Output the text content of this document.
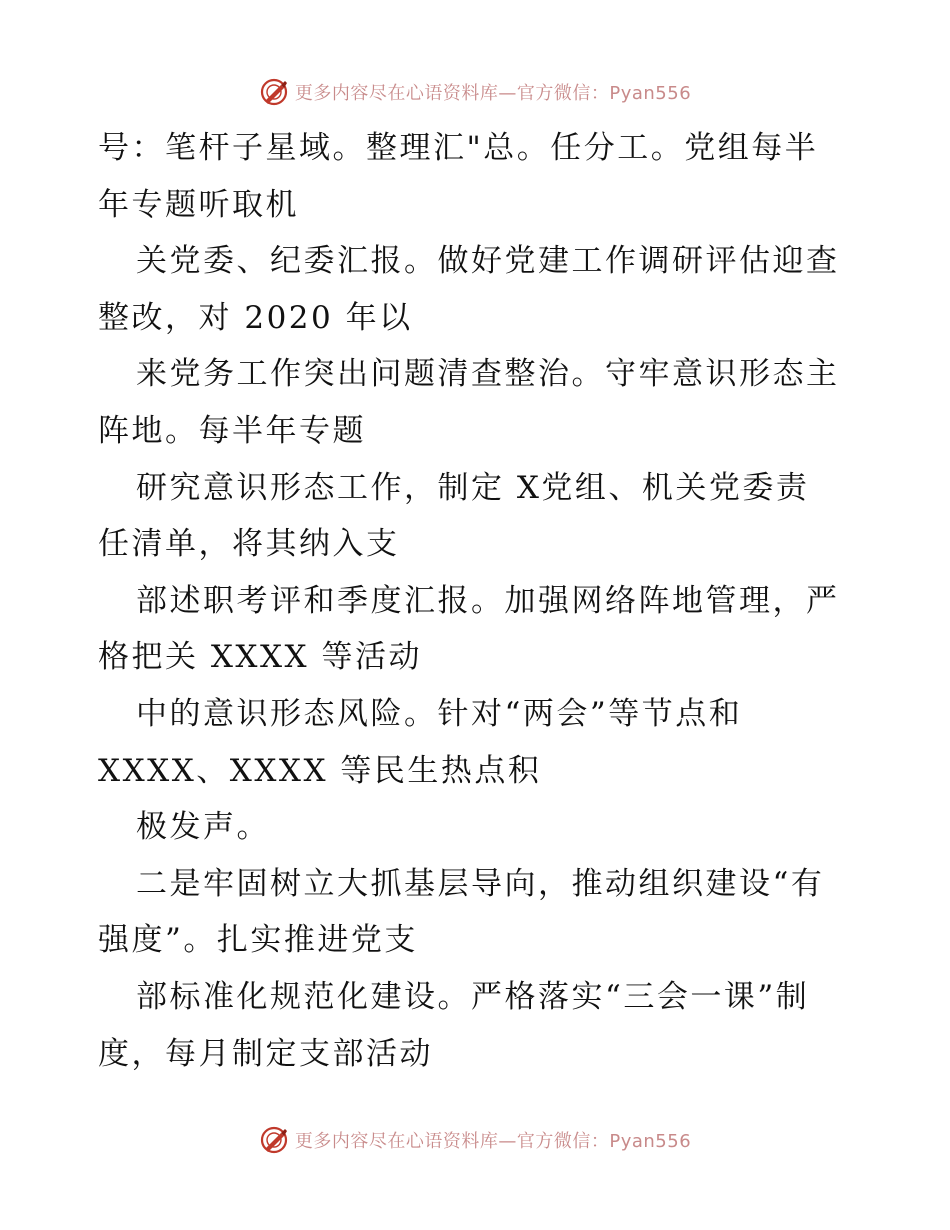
更多内容尽在心语资料库—官方微信：Pyan556
号：笔杆子星域。整理汇"总。任分工。党组每半
年专题听取机
关党委、纪委汇报。做好党建工作调研评估迎查
整改，对 2020 年以
来党务工作突出问题清查整治。守牢意识形态主
阵地。每半年专题
研究意识形态工作，制定 X党组、机关党委责
任清单，将其纳入支
部述职考评和季度汇报。加强网络阵地管理，严
格把关 XXXX 等活动
中的意识形态风险。针对“两会”等节点和
XXXX、XXXX 等民生热点积
极发声。
二是牢固树立大抓基层导向，推动组织建设“有
强度”。扎实推进党支
部标准化规范化建设。严格落实“三会一课”制
度，每月制定支部活动
更多内容尽在心语资料库—官方微信：Pyan556
